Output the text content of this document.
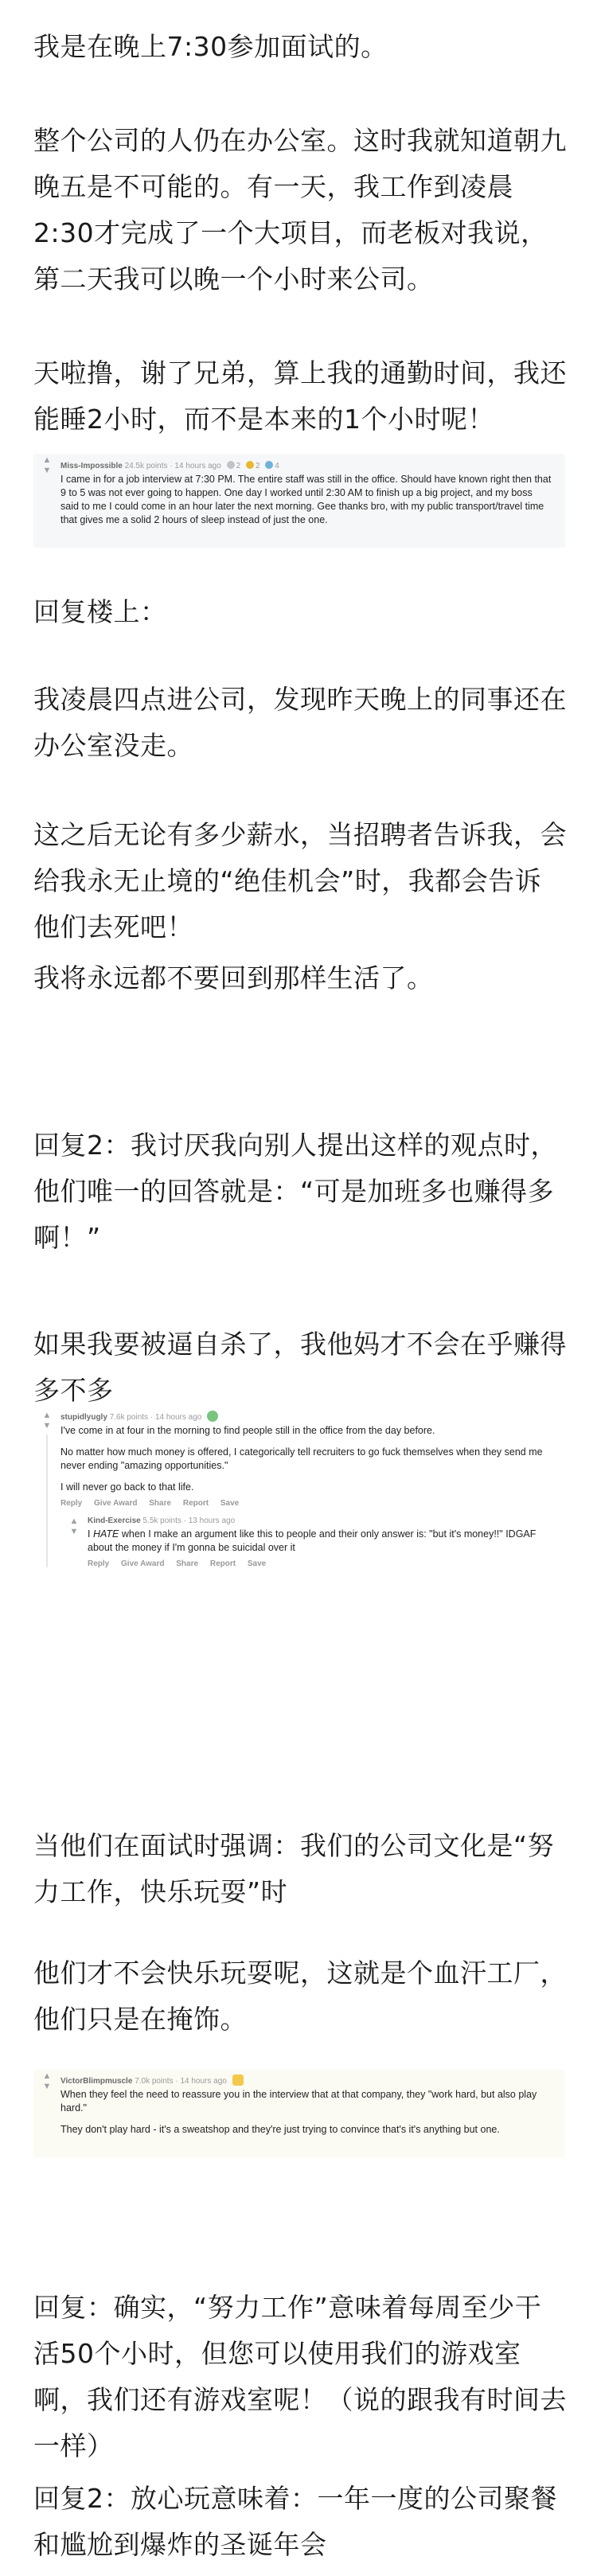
我是在晚上7:30参加面试的。

整个公司的人仍在办公室。这时我就知道朝九晚五是不可能的。有一天，我工作到凌晨2:30才完成了一个大项目，而老板对我说，第二天我可以晚一个小时来公司。

天啦撸，谢了兄弟，算上我的通勤时间，我还能睡2小时，而不是本来的1个小时呢！

▲
▼ Miss-Impossible 24.5k points · 14 hours ago 2 2 4
I came in for a job interview at 7:30 PM. The entire staff was still in the office. Should have known right then that 9 to 5 was not ever going to happen. One day I worked until 2:30 AM to finish up a big project, and my boss said to me I could come in an hour later the next morning. Gee thanks bro, with my public transport/travel time that gives me a solid 2 hours of sleep instead of just the one.

回复楼上：

我凌晨四点进公司，发现昨天晚上的同事还在办公室没走。

这之后无论有多少薪水，当招聘者告诉我，会给我永无止境的“绝佳机会”时，我都会告诉他们去死吧！

我将永远都不要回到那样生活了。

回复2：我讨厌我向别人提出这样的观点时，他们唯一的回答就是：“可是加班多也赚得多啊！”

如果我要被逼自杀了，我他妈才不会在乎赚得多不多

▲
▼
stupidlyugly 7.6k points · 14 hours ago

I've come in at four in the morning to find people still in the office from the day before.

No matter how much money is offered, I categorically tell recruiters to go fuck themselves when they send me never ending "amazing opportunities."

I will never go back to that life.

Reply Give Award Share Report Save
▲
▼
Kind-Exercise 5.5k points · 13 hours ago
I HATE when I make an argument like this to people and their only answer is: "but it's money!!" IDGAF about the money if I'm gonna be suicidal over it
Reply Give Award Share Report Save

当他们在面试时强调：我们的公司文化是“努力工作，快乐玩耍”时

他们才不会快乐玩耍呢，这就是个血汗工厂，他们只是在掩饰。

▲
▼
VictorBlimpmuscle 7.0k points · 14 hours ago

When they feel the need to reassure you in the interview that at that company, they "work hard, but also play hard."

They don't play hard - it's a sweatshop and they're just trying to convince that's it's anything but one.

回复：确实，“努力工作”意味着每周至少干活50个小时，但您可以使用我们的游戏室啊，我们还有游戏室呢！（说的跟我有时间去一样）

回复2：放心玩意味着：一年一度的公司聚餐和尴尬到爆炸的圣诞年会
